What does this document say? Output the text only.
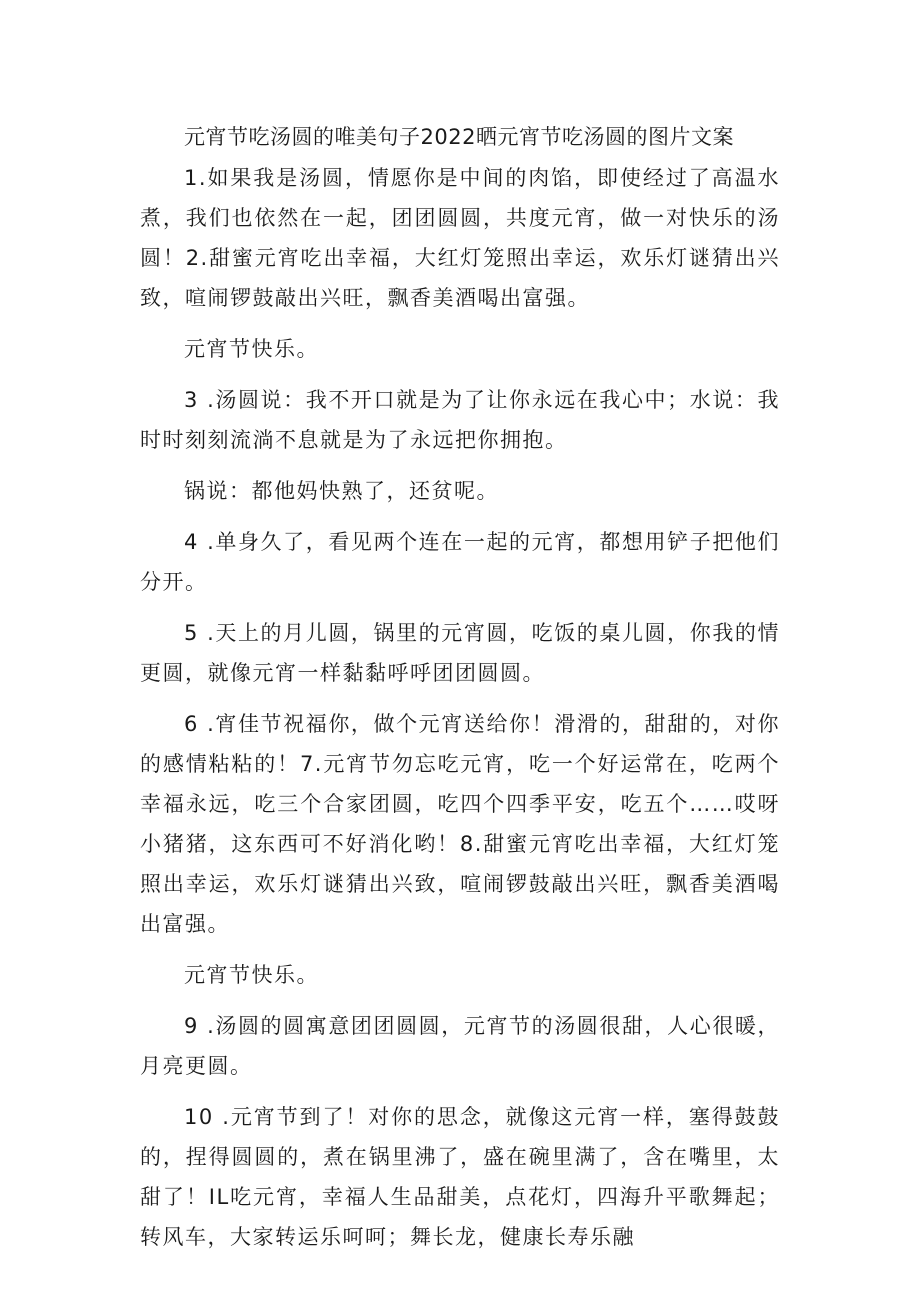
元宵节吃汤圆的唯美句子2022晒元宵节吃汤圆的图片文案

1.如果我是汤圆，情愿你是中间的肉馅，即使经过了高温水煮，我们也依然在一起，团团圆圆，共度元宵，做一对快乐的汤圆！2.甜蜜元宵吃出幸福，大红灯笼照出幸运，欢乐灯谜猜出兴致，喧闹锣鼓敲出兴旺，飘香美酒喝出富强。

元宵节快乐。

3 .汤圆说：我不开口就是为了让你永远在我心中；水说：我时时刻刻流淌不息就是为了永远把你拥抱。

锅说：都他妈快熟了，还贫呢。

4 .单身久了，看见两个连在一起的元宵，都想用铲子把他们分开。

5 .天上的月儿圆，锅里的元宵圆，吃饭的桌儿圆，你我的情更圆，就像元宵一样黏黏呼呼团团圆圆。

6 .宵佳节祝福你，做个元宵送给你！滑滑的，甜甜的，对你的感情粘粘的！7.元宵节勿忘吃元宵，吃一个好运常在，吃两个幸福永远，吃三个合家团圆，吃四个四季平安，吃五个……哎呀小猪猪，这东西可不好消化哟！8.甜蜜元宵吃出幸福，大红灯笼照出幸运，欢乐灯谜猜出兴致，喧闹锣鼓敲出兴旺，飘香美酒喝出富强。

元宵节快乐。

9 .汤圆的圆寓意团团圆圆，元宵节的汤圆很甜，人心很暖，月亮更圆。

10 .元宵节到了！对你的思念，就像这元宵一样，塞得鼓鼓的，捏得圆圆的，煮在锅里沸了，盛在碗里满了，含在嘴里，太甜了！IL吃元宵，幸福人生品甜美，点花灯，四海升平歌舞起；转风车，大家转运乐呵呵；舞长龙，健康长寿乐融
